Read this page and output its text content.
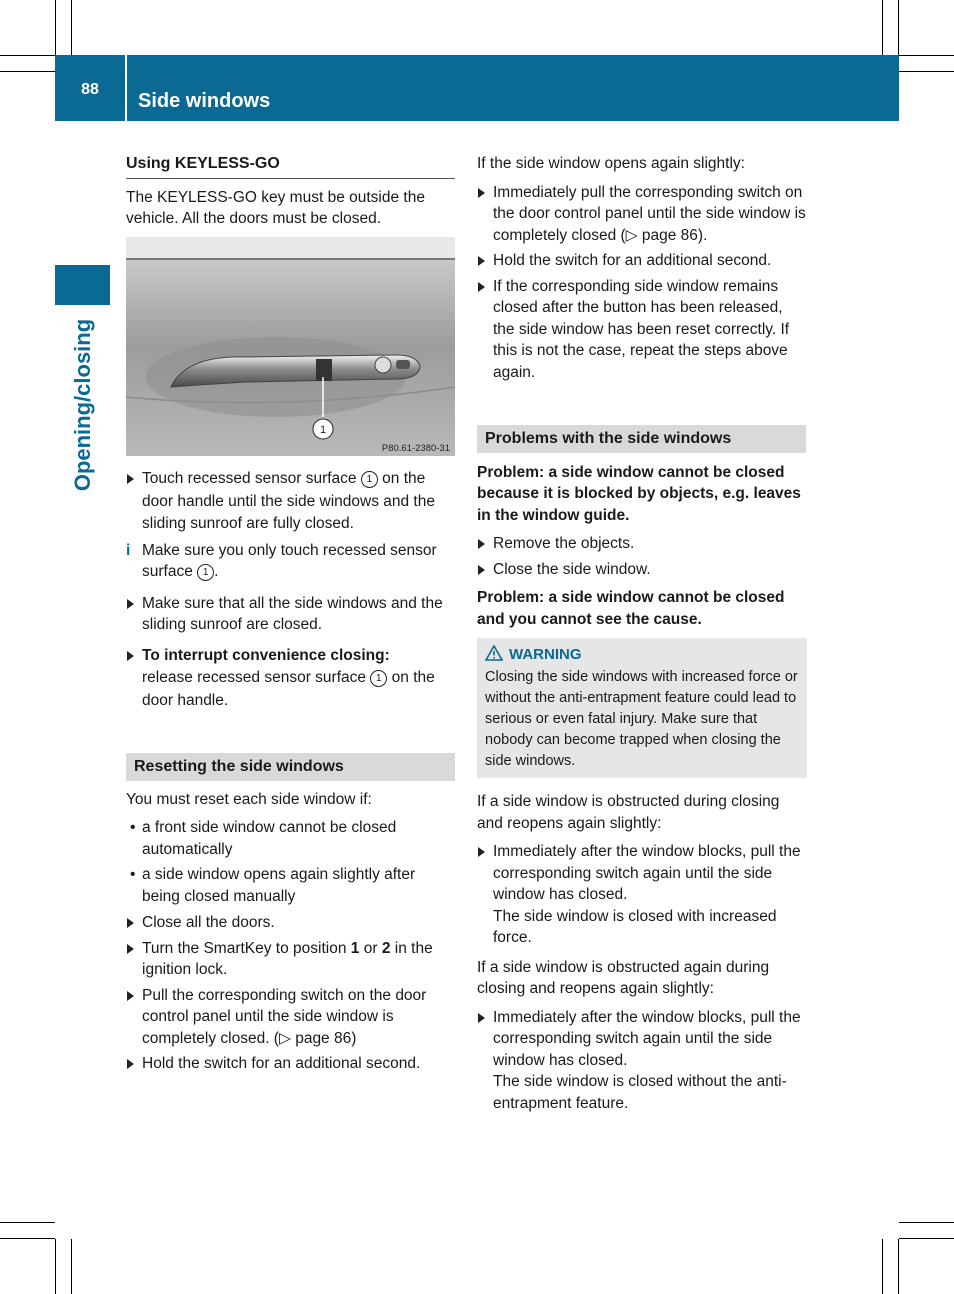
88
Side windows
Opening/closing
Using KEYLESS-GO

The KEYLESS-GO key must be outside the vehicle. All the doors must be closed.

1
P80.61-2380-31
Touch recessed sensor surface 1 on the door handle until the side windows and the sliding sunroof are fully closed.
i Make sure you only touch recessed sensor surface 1 .
Make sure that all the side windows and the sliding sunroof are closed.
To interrupt convenience closing:
release recessed sensor surface 1 on the door handle.
Resetting the side windows

You must reset each side window if:

• a front side window cannot be closed automatically
• a side window opens again slightly after being closed manually
Close all the doors.
Turn the SmartKey to position 1 or 2 in the ignition lock.
Pull the corresponding switch on the door control panel until the side window is completely closed. (▷ page 86)
Hold the switch for an additional second.

If the side window opens again slightly:

Immediately pull the corresponding switch on the door control panel until the side window is completely closed (▷ page 86).
Hold the switch for an additional second.
If the corresponding side window remains closed after the button has been released, the side window has been reset correctly. If this is not the case, repeat the steps above again.
Problems with the side windows

Problem: a side window cannot be closed because it is blocked by objects, e.g. leaves in the window guide.

Remove the objects.
Close the side window.

Problem: a side window cannot be closed and you cannot see the cause.

WARNING
Closing the side windows with increased force or without the anti-entrapment feature could lead to serious or even fatal injury. Make sure that nobody can become trapped when closing the side windows.

If a side window is obstructed during closing and reopens again slightly:

Immediately after the window blocks, pull the corresponding switch again until the side window has closed.
The side window is closed with increased force.

If a side window is obstructed again during closing and reopens again slightly:

Immediately after the window blocks, pull the corresponding switch again until the side window has closed.
The side window is closed without the anti-entrapment feature.
